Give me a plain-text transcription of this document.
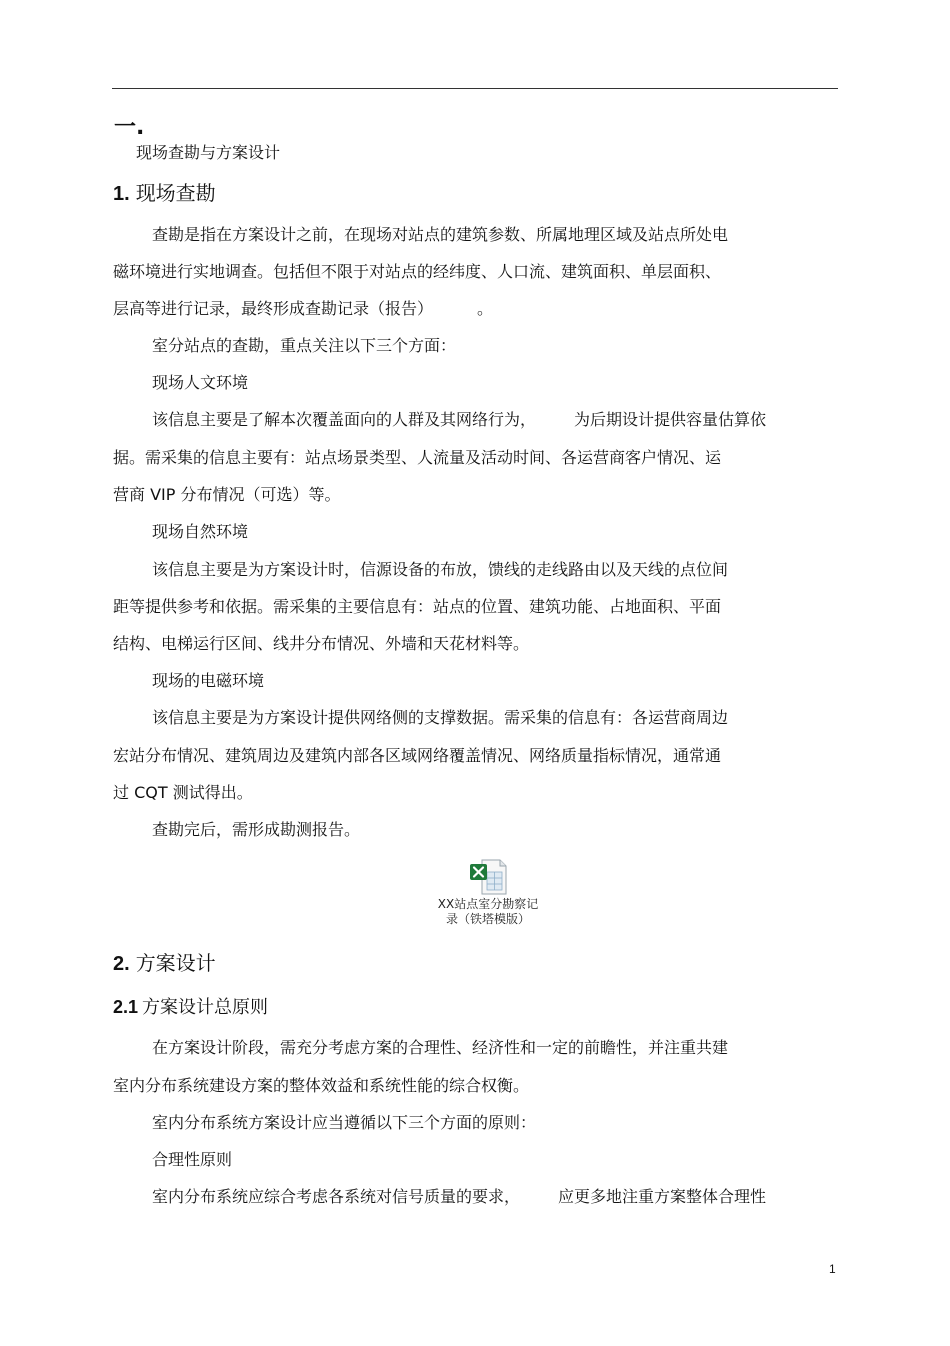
一.
现场查勘与方案设计
1. 现场查勘
查勘是指在方案设计之前，在现场对站点的建筑参数、所属地理区域及站点所处电
磁环境进行实地调查。包括但不限于对站点的经纬度、人口流、建筑面积、单层面积、
层高等进行记录，最终形成查勘记录（报告）	。
室分站点的查勘，重点关注以下三个方面：
现场人文环境
该信息主要是了解本次覆盖面向的人群及其网络行为， 为后期设计提供容量估算依
据。需采集的信息主要有：站点场景类型、人流量及活动时间、各运营商客户情况、运
营商 VIP 分布情况（可选）等。
现场自然环境
该信息主要是为方案设计时，信源设备的布放，馈线的走线路由以及天线的点位间
距等提供参考和依据。需采集的主要信息有：站点的位置、建筑功能、占地面积、平面
结构、电梯运行区间、线井分布情况、外墙和天花材料等。
现场的电磁环境
该信息主要是为方案设计提供网络侧的支撑数据。需采集的信息有：各运营商周边
宏站分布情况、建筑周边及建筑内部各区域网络覆盖情况、网络质量指标情况，通常通
过 CQT 测试得出。
查勘完后，需形成勘测报告。
XX站点室分勘察记
录（铁塔模版）
2. 方案设计
2.1 方案设计总原则
在方案设计阶段，需充分考虑方案的合理性、经济性和一定的前瞻性，并注重共建
室内分布系统建设方案的整体效益和系统性能的综合权衡。
室内分布系统方案设计应当遵循以下三个方面的原则：
合理性原则
室内分布系统应综合考虑各系统对信号质量的要求， 应更多地注重方案整体合理性
1
